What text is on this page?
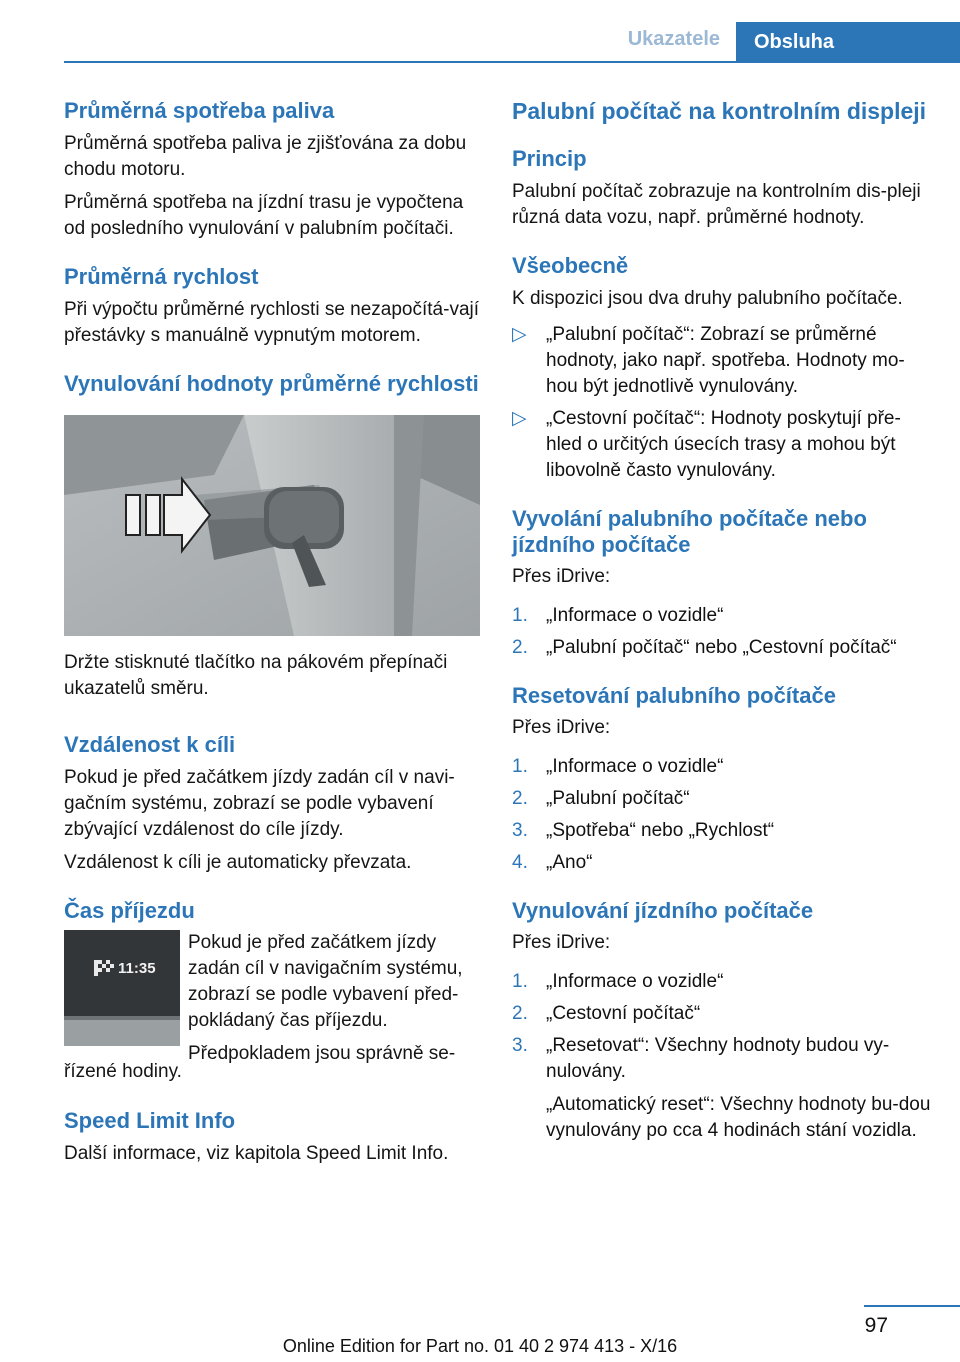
Ukazatele	Obsluha
Průměrná spotřeba paliva

Průměrná spotřeba paliva je zjišťována za dobu chodu motoru.

Průměrná spotřeba na jízdní trasu je vypočtena od posledního vynulování v palubním počítači.

Průměrná rychlost

Při výpočtu průměrné rychlosti se nezapočítá-vají přestávky s manuálně vypnutým motorem.

Vynulování hodnoty průměrné rychlosti

Držte stisknuté tlačítko na pákovém přepínači ukazatelů směru.

Vzdálenost k cíli

Pokud je před začátkem jízdy zadán cíl v navi-gačním systému, zobrazí se podle vybavení zbývající vzdálenost do cíle jízdy.

Vzdálenost k cíli je automaticky převzata.

Čas příjezdu
11:35

Pokud je před začátkem jízdy zadán cíl v navigačním systému, zobrazí se podle vybavení před-pokládaný čas příjezdu.

Předpokladem jsou správně se-

řízené hodiny.

Speed Limit Info

Další informace, viz kapitola Speed Limit Info.

Palubní počítač na kontrolním displeji
Princip

Palubní počítač zobrazuje na kontrolním dis-pleji různá data vozu, např. průměrné hodnoty.

Všeobecně

K dispozici jsou dva druhy palubního počítače.

▷ „Palubní počítač“: Zobrazí se průměrné hodnoty, jako např. spotřeba. Hodnoty mo-hou být jednotlivě vynulovány.
▷ „Cestovní počítač“: Hodnoty poskytují pře-hled o určitých úsecích trasy a mohou být libovolně často vynulovány.
Vyvolání palubního počítače nebo jízdního počítače

Přes iDrive:

1. „Informace o vozidle“
2. „Palubní počítač“ nebo „Cestovní počítač“
Resetování palubního počítače

Přes iDrive:

1. „Informace o vozidle“
2. „Palubní počítač“
3. „Spotřeba“ nebo „Rychlost“
4. „Ano“
Vynulování jízdního počítače

Přes iDrive:

1. „Informace o vozidle“
2. „Cestovní počítač“
3. „Resetovat“: Všechny hodnoty budou vy-nulovány.
„Automatický reset“: Všechny hodnoty bu-dou vynulovány po cca 4 hodinách stání vozidla.
97
Online Edition for Part no. 01 40 2 974 413 - X/16
